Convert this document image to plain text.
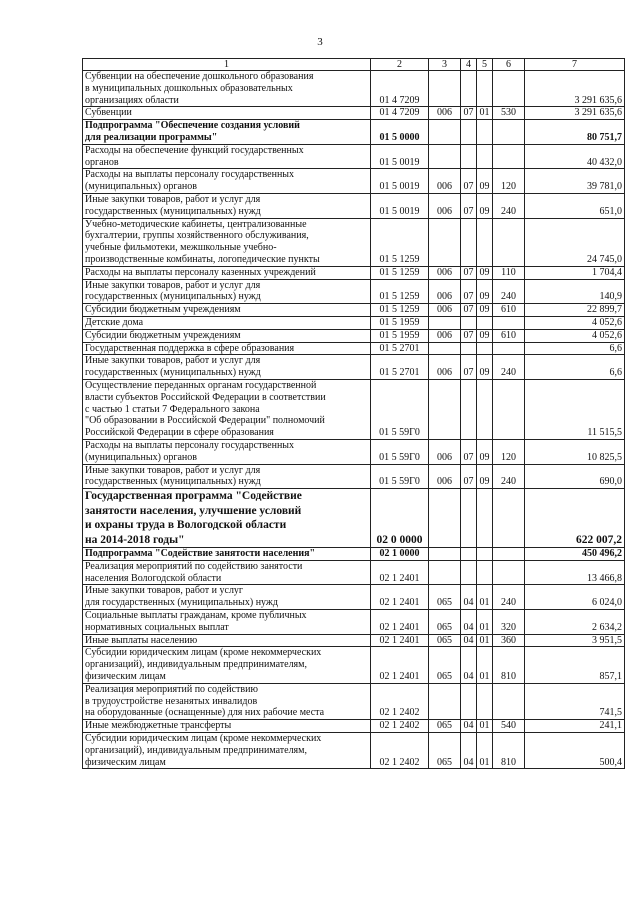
3
1	2	3	4	5	6	7
Субвенции на обеспечение дошкольного образования
в муниципальных дошкольных образовательных
организациях области	01 4 7209					3 291 635,6
Субвенции	01 4 7209	006	07	01	530	3 291 635,6
Подпрограмма "Обеспечение создания условий
для реализации программы"	01 5 0000					80 751,7
Расходы на обеспечение функций государственных
органов	01 5 0019					40 432,0
Расходы на выплаты персоналу государственных
(муниципальных) органов	01 5 0019	006	07	09	120	39 781,0
Иные закупки товаров, работ и услуг для
государственных (муниципальных) нужд	01 5 0019	006	07	09	240	651,0
Учебно-методические кабинеты, централизованные
бухгалтерии, группы хозяйственного обслуживания,
учебные фильмотеки, межшкольные учебно-
производственные комбинаты, логопедические пункты	01 5 1259					24 745,0
Расходы на выплаты персоналу казенных учреждений	01 5 1259	006	07	09	110	1 704,4
Иные закупки товаров, работ и услуг для
государственных (муниципальных) нужд	01 5 1259	006	07	09	240	140,9
Субсидии бюджетным учреждениям	01 5 1259	006	07	09	610	22 899,7
Детские дома	01 5 1959					4 052,6
Субсидии бюджетным учреждениям	01 5 1959	006	07	09	610	4 052,6
Государственная поддержка в сфере образования	01 5 2701					6,6
Иные закупки товаров, работ и услуг для
государственных (муниципальных) нужд	01 5 2701	006	07	09	240	6,6
Осуществление переданных органам государственной
власти субъектов Российской Федерации в соответствии
с частью 1 статьи 7 Федерального закона
"Об образовании в Российской Федерации" полномочий
Российской Федерации в сфере образования	01 5 59Г0					11 515,5
Расходы на выплаты персоналу государственных
(муниципальных) органов	01 5 59Г0	006	07	09	120	10 825,5
Иные закупки товаров, работ и услуг для
государственных (муниципальных) нужд	01 5 59Г0	006	07	09	240	690,0
Государственная программа "Содействие
занятости населения, улучшение условий
и охраны труда в Вологодской области
на 2014-2018 годы"	02 0 0000					622 007,2
Подпрограмма "Содействие занятости населения"	02 1 0000					450 496,2
Реализация мероприятий по содействию занятости
населения Вологодской области	02 1 2401					13 466,8
Иные закупки товаров, работ и услуг
для государственных (муниципальных) нужд	02 1 2401	065	04	01	240	6 024,0
Социальные выплаты гражданам, кроме публичных
нормативных социальных выплат	02 1 2401	065	04	01	320	2 634,2
Иные выплаты населению	02 1 2401	065	04	01	360	3 951,5
Субсидии юридическим лицам (кроме некоммерческих
организаций), индивидуальным предпринимателям,
физическим лицам	02 1 2401	065	04	01	810	857,1
Реализация мероприятий по содействию
в трудоустройстве незанятых инвалидов
на оборудованные (оснащенные) для них рабочие места	02 1 2402					741,5
Иные межбюджетные трансферты	02 1 2402	065	04	01	540	241,1
Субсидии юридическим лицам (кроме некоммерческих
организаций), индивидуальным предпринимателям,
физическим лицам	02 1 2402	065	04	01	810	500,4
